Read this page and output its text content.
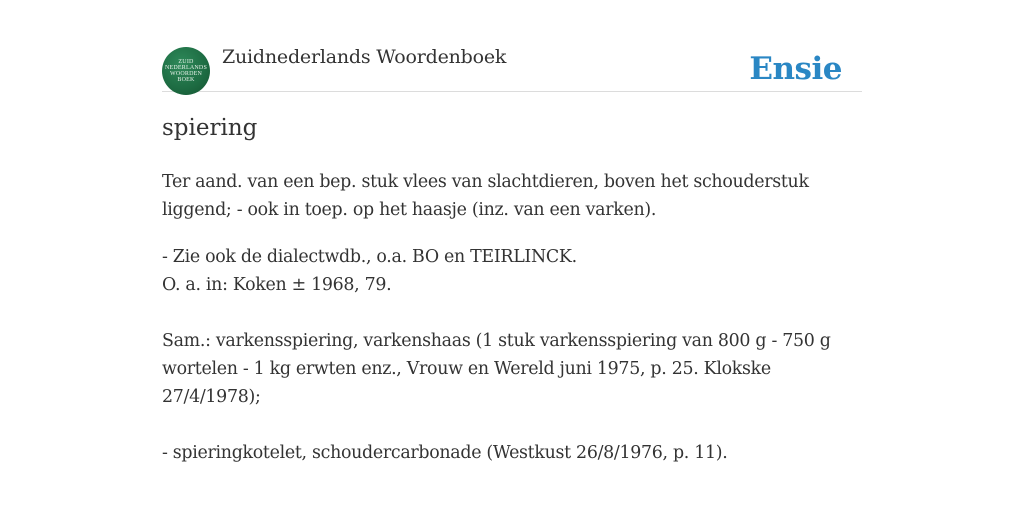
ZUID
NEDERLANDS
WOORDEN
BOEK
Zuidnederlands Woordenboek	Ensie
spiering

Ter aand. van een bep. stuk vlees van slachtdieren, boven het schouderstuk liggend; - ook in toep. op het haasje (inz. van een varken).

- Zie ook de dialectwdb., o.a. BO en TEIRLINCK.

O. a. in: Koken ± 1968, 79.

Sam.: varkensspiering, varkenshaas (1 stuk varkensspiering van 800 g - 750 g wortelen - 1 kg erwten enz., Vrouw en Wereld juni 1975, p. 25. Klokske 27/4/1978);

- spieringkotelet, schoudercarbonade (Westkust 26/8/1976, p. 11).
